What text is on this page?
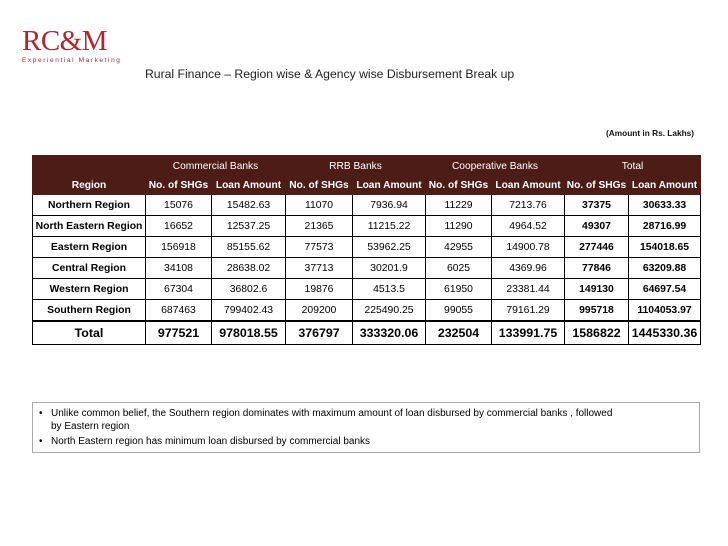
RC&M
Experiential Marketing
Rural Finance – Region wise & Agency wise Disbursement Break up
(Amount in Rs. Lakhs)
	Commercial Banks		RRB Banks		Cooperative Banks		Total	
Region	No. of SHGs	Loan Amount	No. of SHGs	Loan Amount	No. of SHGs	Loan Amount	No. of SHGs	Loan Amount
Northern Region	15076	15482.63	11070	7936.94	11229	7213.76	37375	30633.33
North Eastern Region	16652	12537.25	21365	11215.22	11290	4964.52	49307	28716.99
Eastern Region	156918	85155.62	77573	53962.25	42955	14900.78	277446	154018.65
Central Region	34108	28638.02	37713	30201.9	6025	4369.96	77846	63209.88
Western Region	67304	36802.6	19876	4513.5	61950	23381.44	149130	64697.54
Southern Region	687463	799402.43	209200	225490.25	99055	79161.29	995718	1104053.97
Total	977521	978018.55	376797	333320.06	232504	133991.75	1586822	1445330.36
• Unlike common belief, the Southern region dominates with maximum amount of loan disbursed by commercial banks , followed
by Eastern region
• North Eastern region has minimum loan disbursed by commercial banks
